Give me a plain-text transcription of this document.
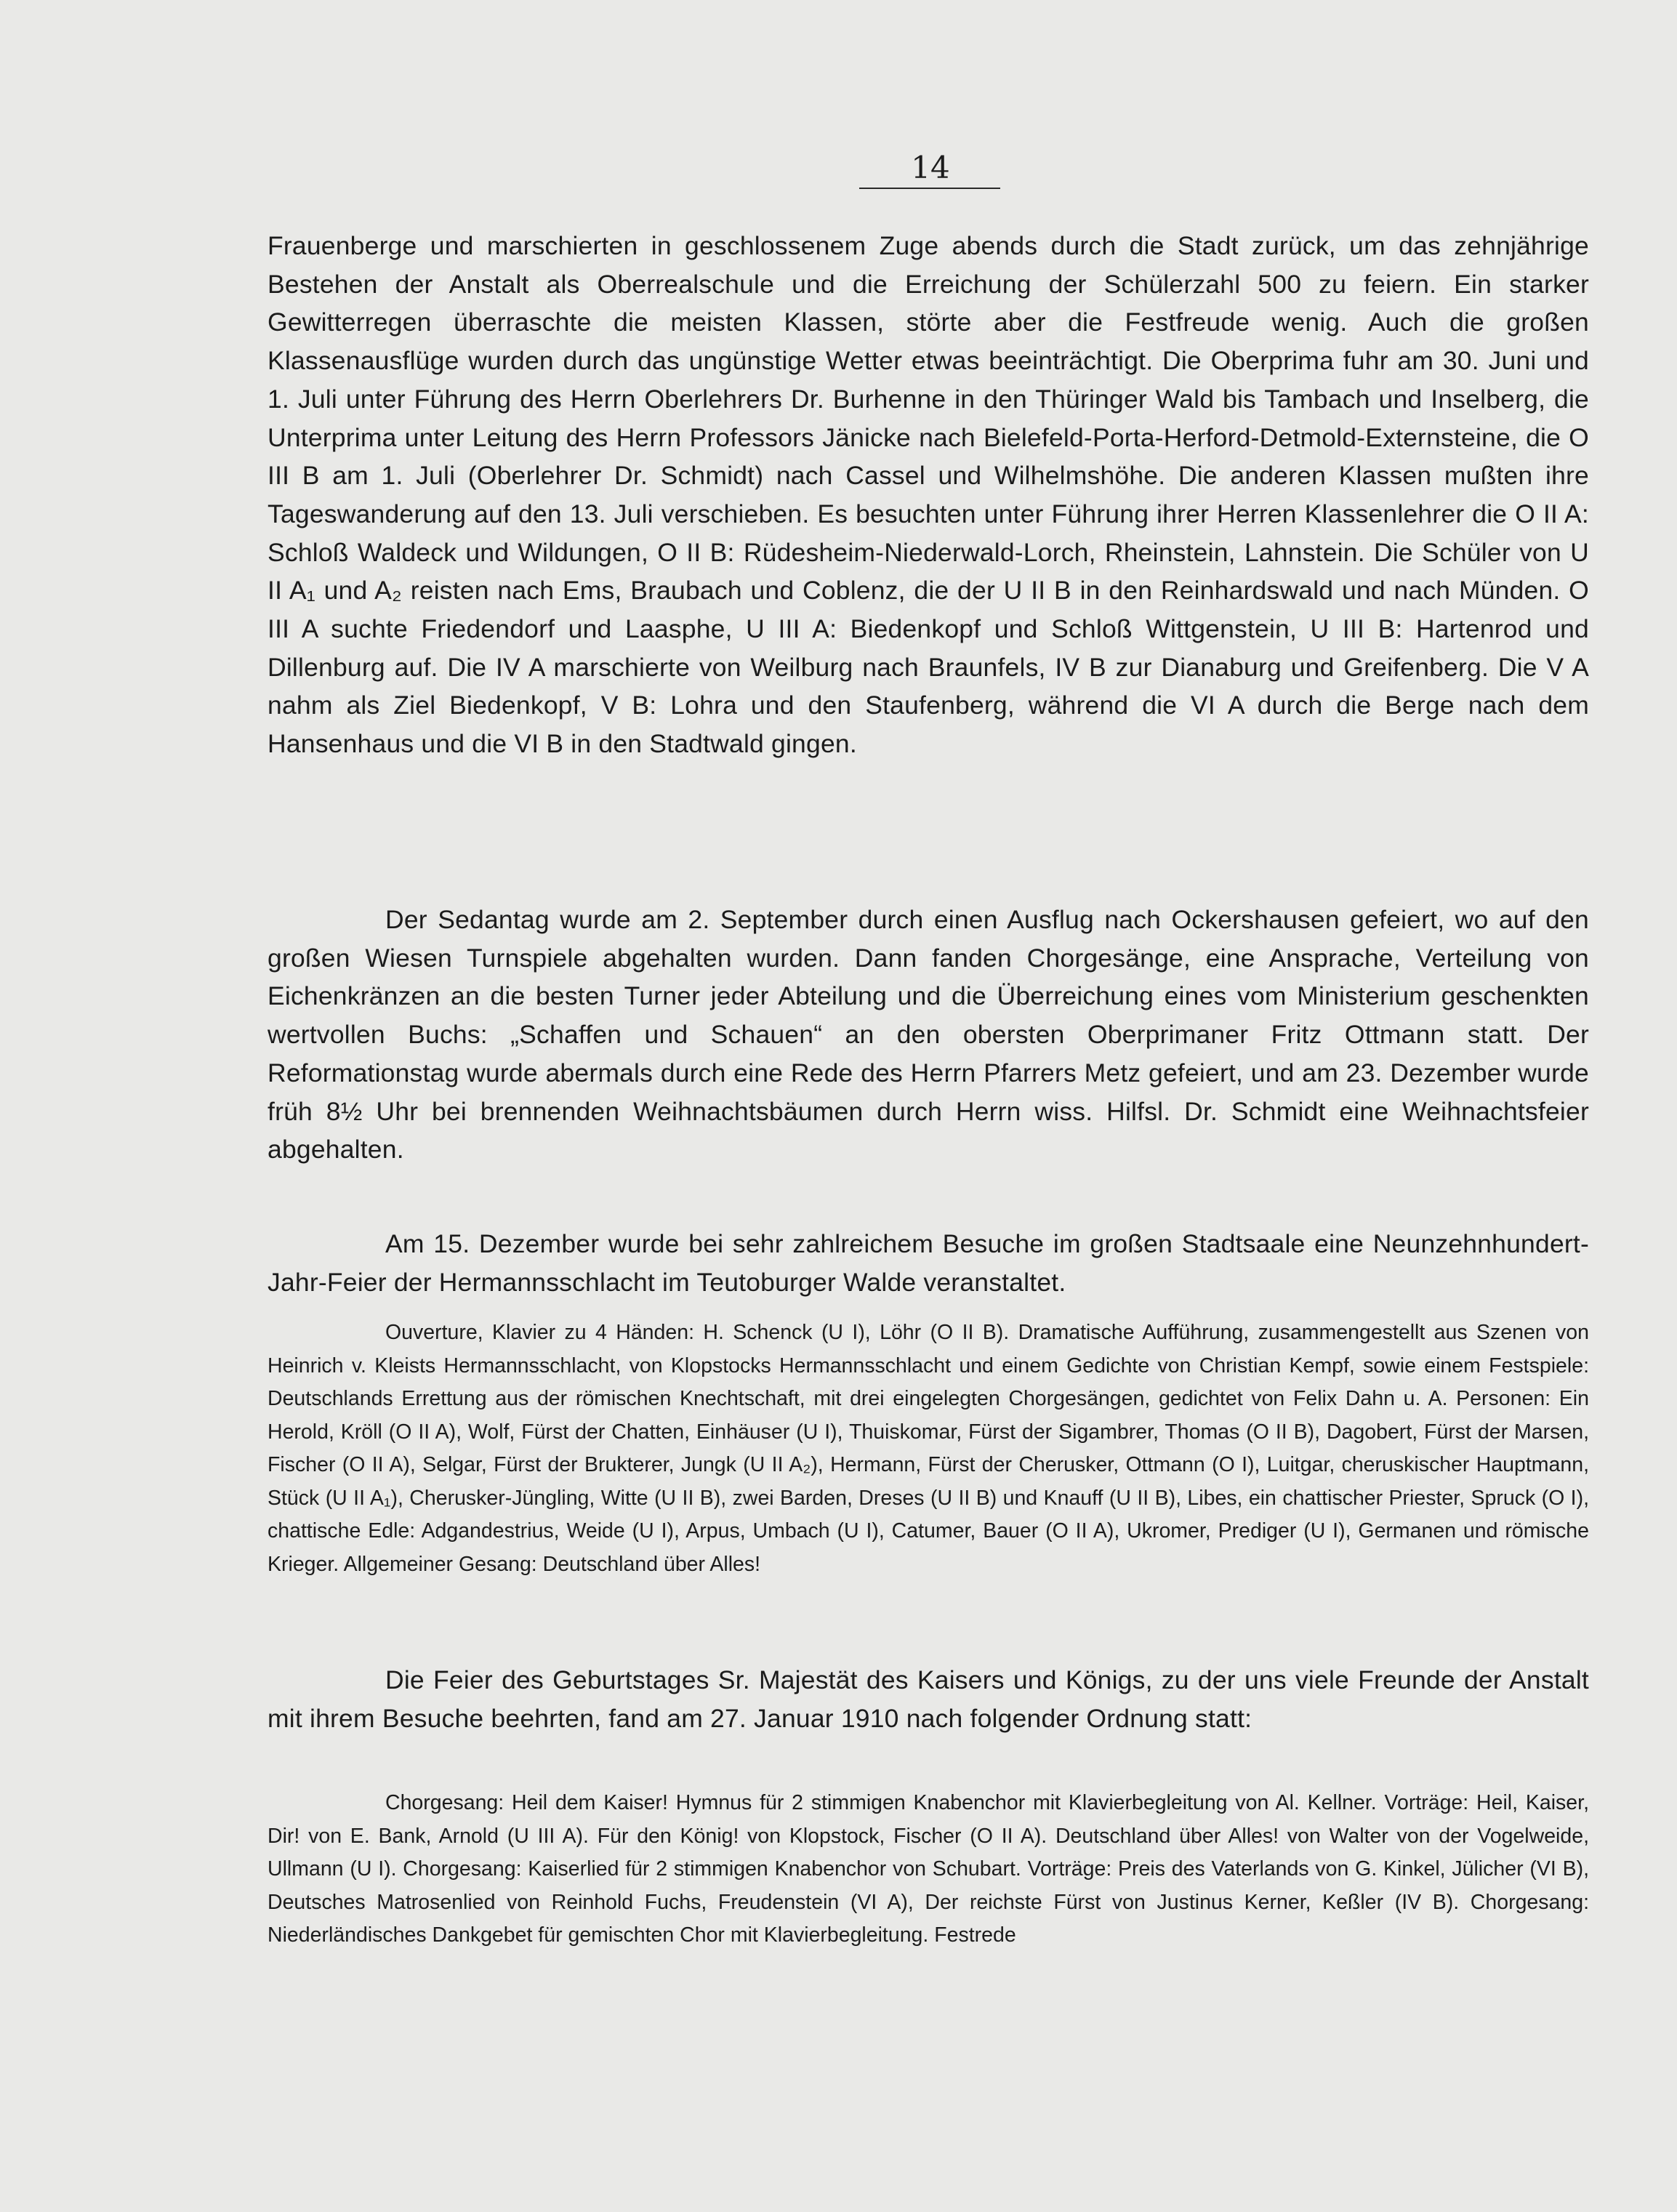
14

Frauenberge und marschierten in geschlossenem Zuge abends durch die Stadt zurück, um das zehnjährige Bestehen der Anstalt als Oberrealschule und die Erreichung der Schülerzahl 500 zu feiern. Ein starker Gewitterregen überraschte die meisten Klassen, störte aber die Festfreude wenig. Auch die großen Klassenausflüge wurden durch das ungünstige Wetter etwas beeinträchtigt. Die Oberprima fuhr am 30. Juni und 1. Juli unter Führung des Herrn Oberlehrers Dr. Burhenne in den Thüringer Wald bis Tambach und Inselberg, die Unterprima unter Leitung des Herrn Professors Jänicke nach Bielefeld-Porta-Herford-Detmold-Externsteine, die O III B am 1. Juli (Oberlehrer Dr. Schmidt) nach Cassel und Wilhelmshöhe. Die anderen Klassen mußten ihre Tageswanderung auf den 13. Juli verschieben. Es besuchten unter Führung ihrer Herren Klassenlehrer die O II A: Schloß Waldeck und Wildungen, O II B: Rüdesheim-Niederwald-Lorch, Rheinstein, Lahnstein. Die Schüler von U II A₁ und A₂ reisten nach Ems, Braubach und Coblenz, die der U II B in den Reinhardswald und nach Münden. O III A suchte Friedendorf und Laasphe, U III A: Biedenkopf und Schloß Wittgenstein, U III B: Hartenrod und Dillenburg auf. Die IV A marschierte von Weilburg nach Braunfels, IV B zur Dianaburg und Greifenberg. Die V A nahm als Ziel Biedenkopf, V B: Lohra und den Staufenberg, während die VI A durch die Berge nach dem Hansenhaus und die VI B in den Stadtwald gingen.

Der Sedantag wurde am 2. September durch einen Ausflug nach Ockershausen gefeiert, wo auf den großen Wiesen Turnspiele abgehalten wurden. Dann fanden Chorgesänge, eine Ansprache, Verteilung von Eichenkränzen an die besten Turner jeder Abteilung und die Überreichung eines vom Ministerium geschenkten wertvollen Buchs: „Schaffen und Schauen“ an den obersten Oberprimaner Fritz Ottmann statt. Der Reformationstag wurde abermals durch eine Rede des Herrn Pfarrers Metz gefeiert, und am 23. Dezember wurde früh 8½ Uhr bei brennenden Weihnachtsbäumen durch Herrn wiss. Hilfsl. Dr. Schmidt eine Weihnachtsfeier abgehalten.

Am 15. Dezember wurde bei sehr zahlreichem Besuche im großen Stadtsaale eine Neunzehnhundert-Jahr-Feier der Hermannsschlacht im Teutoburger Walde veranstaltet.

Ouverture, Klavier zu 4 Händen: H. Schenck (U I), Löhr (O II B). Dramatische Aufführung, zusammengestellt aus Szenen von Heinrich v. Kleists Hermannsschlacht, von Klopstocks Hermannsschlacht und einem Gedichte von Christian Kempf, sowie einem Festspiele: Deutschlands Errettung aus der römischen Knechtschaft, mit drei eingelegten Chorgesängen, gedichtet von Felix Dahn u. A. Personen: Ein Herold, Kröll (O II A), Wolf, Fürst der Chatten, Einhäuser (U I), Thuiskomar, Fürst der Sigambrer, Thomas (O II B), Dagobert, Fürst der Marsen, Fischer (O II A), Selgar, Fürst der Brukterer, Jungk (U II A₂), Hermann, Fürst der Cherusker, Ottmann (O I), Luitgar, cheruskischer Hauptmann, Stück (U II A₁), Cherusker-Jüngling, Witte (U II B), zwei Barden, Dreses (U II B) und Knauff (U II B), Libes, ein chattischer Priester, Spruck (O I), chattische Edle: Adgandestrius, Weide (U I), Arpus, Umbach (U I), Catumer, Bauer (O II A), Ukromer, Prediger (U I), Germanen und römische Krieger. Allgemeiner Gesang: Deutschland über Alles!

Die Feier des Geburtstages Sr. Majestät des Kaisers und Königs, zu der uns viele Freunde der Anstalt mit ihrem Besuche beehrten, fand am 27. Januar 1910 nach folgender Ordnung statt:

Chorgesang: Heil dem Kaiser! Hymnus für 2 stimmigen Knabenchor mit Klavierbegleitung von Al. Kellner. Vorträge: Heil, Kaiser, Dir! von E. Bank, Arnold (U III A). Für den König! von Klopstock, Fischer (O II A). Deutschland über Alles! von Walter von der Vogelweide, Ullmann (U I). Chorgesang: Kaiserlied für 2 stimmigen Knabenchor von Schubart. Vorträge: Preis des Vaterlands von G. Kinkel, Jülicher (VI B), Deutsches Matrosenlied von Reinhold Fuchs, Freudenstein (VI A), Der reichste Fürst von Justinus Kerner, Keßler (IV B). Chorgesang: Niederländisches Dankgebet für gemischten Chor mit Klavierbegleitung. Festrede
